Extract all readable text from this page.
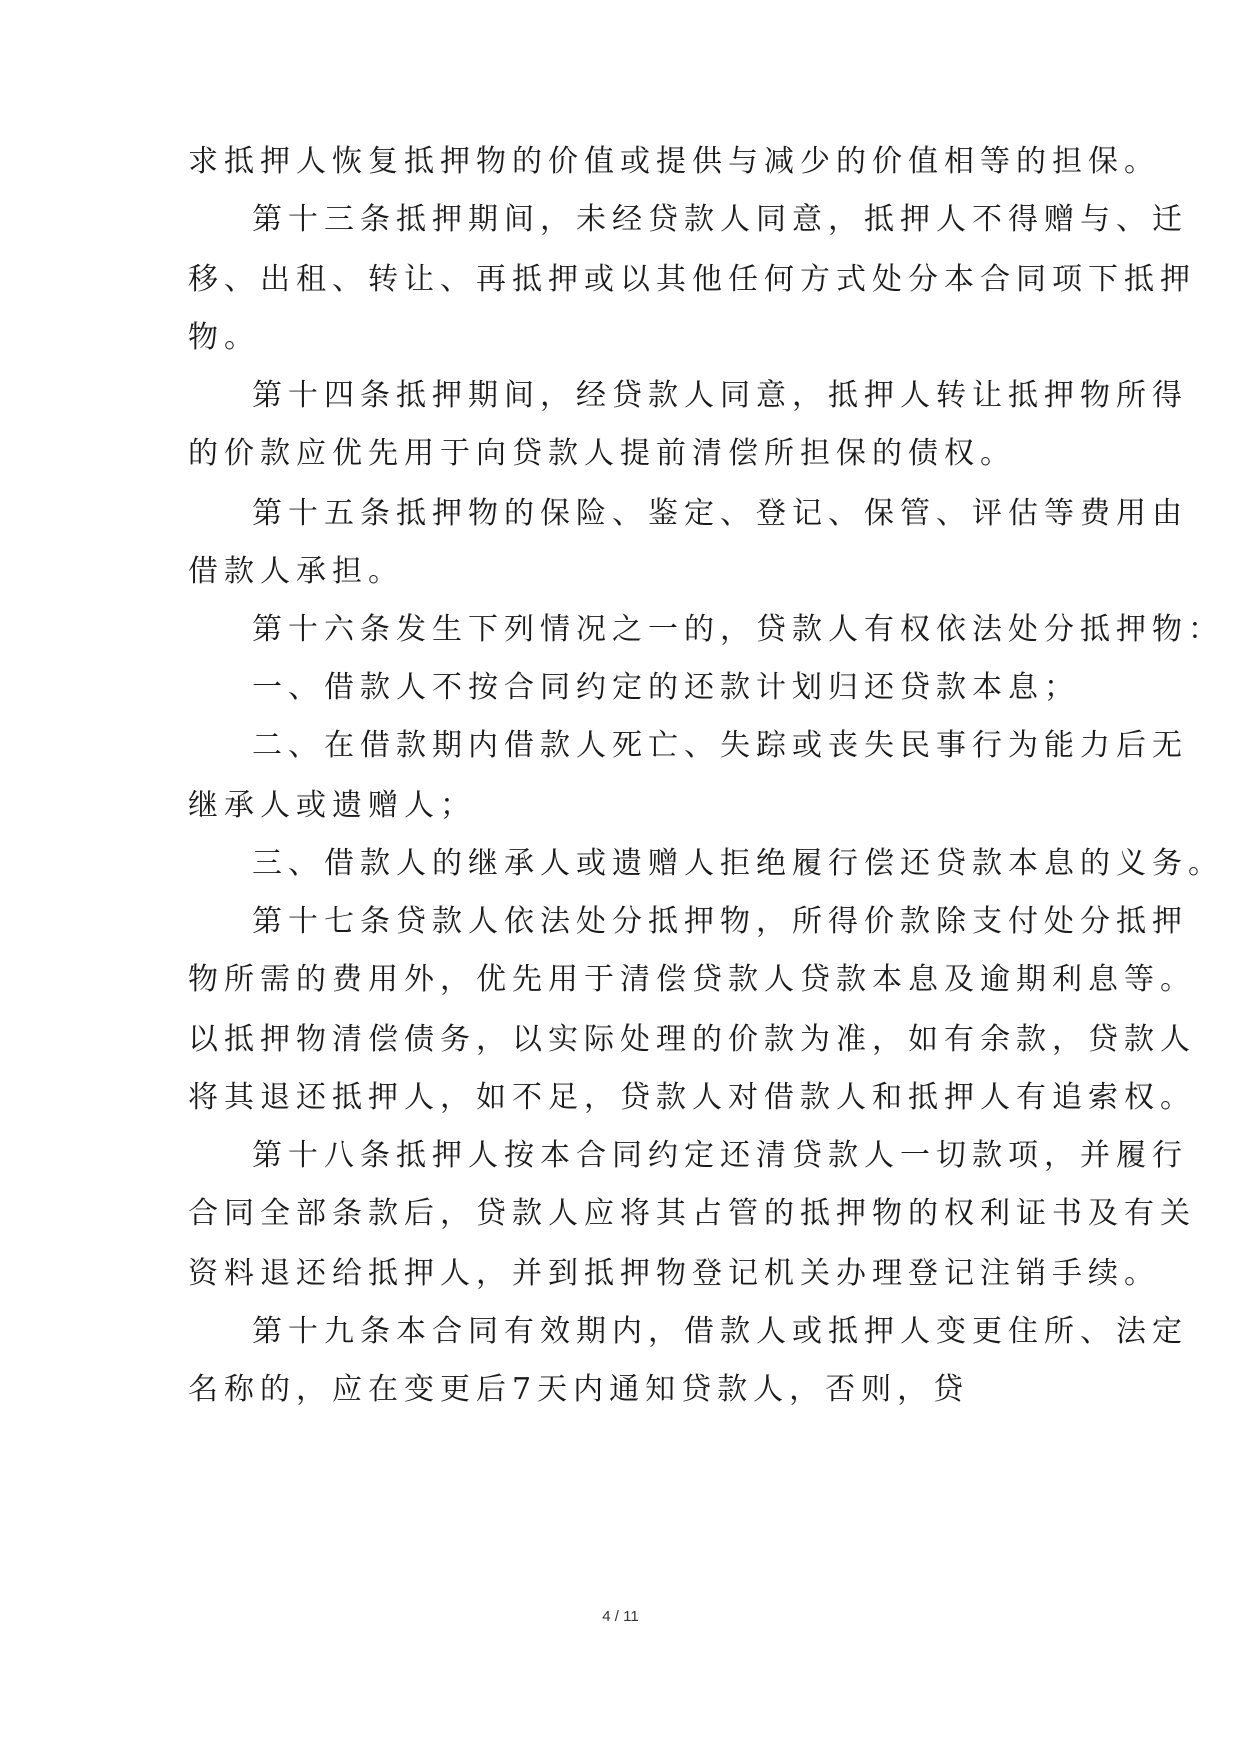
求抵押人恢复抵押物的价值或提供与减少的价值相等的担保。
第十三条抵押期间，未经贷款人同意，抵押人不得赠与、迁
移、出租、转让、再抵押或以其他任何方式处分本合同项下抵押
物。
第十四条抵押期间，经贷款人同意，抵押人转让抵押物所得
的价款应优先用于向贷款人提前清偿所担保的债权。
第十五条抵押物的保险、鉴定、登记、保管、评估等费用由
借款人承担。
第十六条发生下列情况之一的，贷款人有权依法处分抵押物：
一、借款人不按合同约定的还款计划归还贷款本息；
二、在借款期内借款人死亡、失踪或丧失民事行为能力后无
继承人或遗赠人；
三、借款人的继承人或遗赠人拒绝履行偿还贷款本息的义务。
第十七条贷款人依法处分抵押物，所得价款除支付处分抵押
物所需的费用外，优先用于清偿贷款人贷款本息及逾期利息等。
以抵押物清偿债务，以实际处理的价款为准，如有余款，贷款人
将其退还抵押人，如不足，贷款人对借款人和抵押人有追索权。
第十八条抵押人按本合同约定还清贷款人一切款项，并履行
合同全部条款后，贷款人应将其占管的抵押物的权利证书及有关
资料退还给抵押人，并到抵押物登记机关办理登记注销手续。
第十九条本合同有效期内，借款人或抵押人变更住所、法定
名称的，应在变更后7天内通知贷款人，否则，贷
4 / 11
